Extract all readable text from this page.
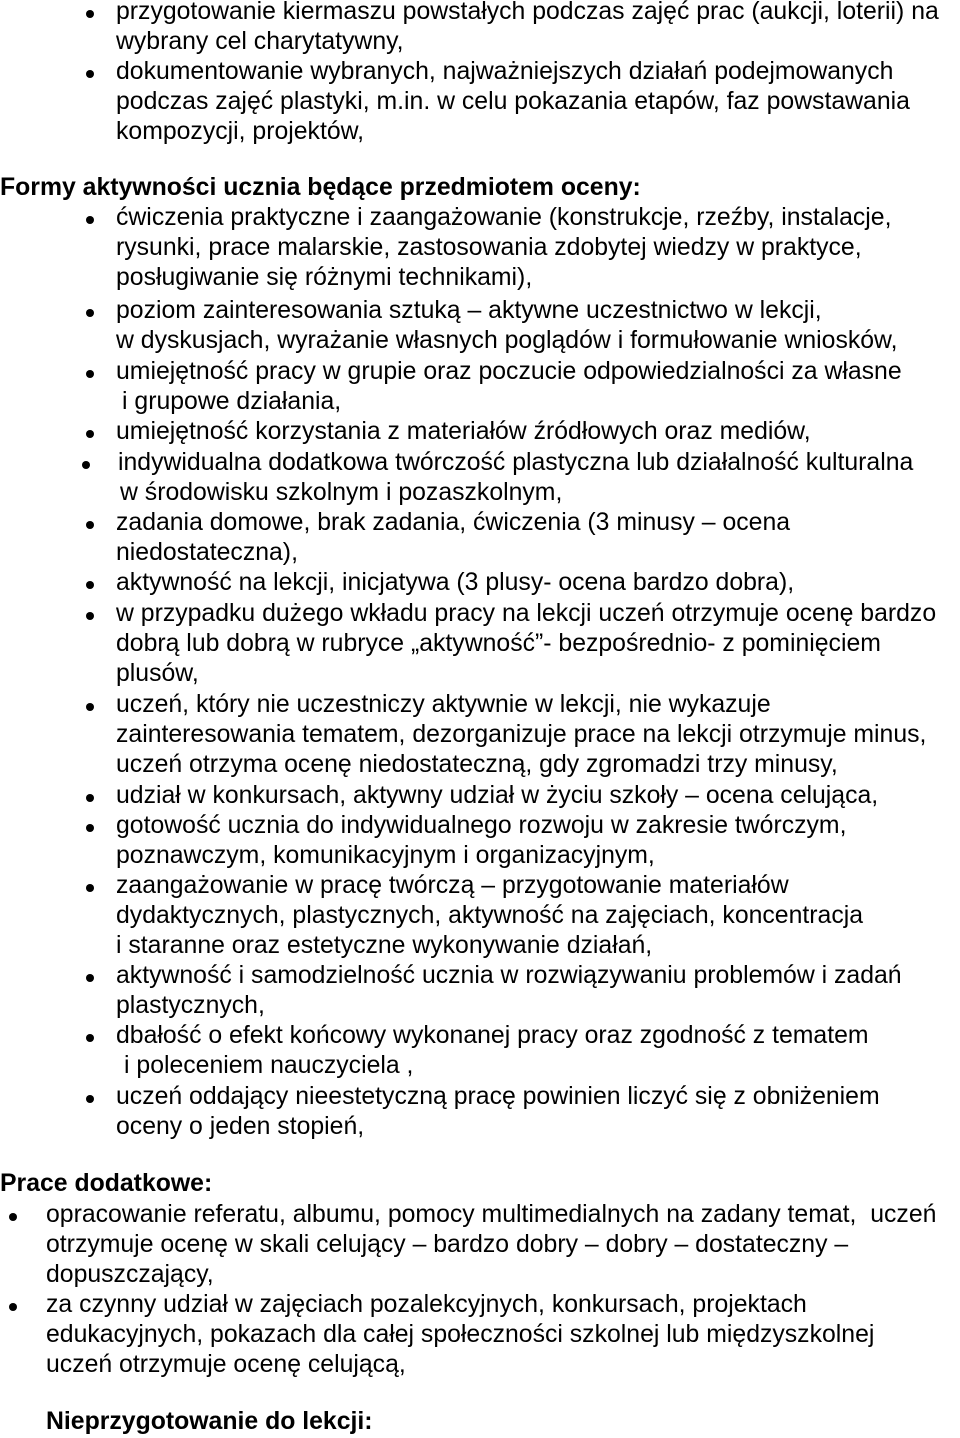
przygotowanie kiermaszu powstałych podczas zajęć prac (aukcji, loterii) na
wybrany cel charytatywny,
dokumentowanie wybranych, najważniejszych działań podejmowanych
podczas zajęć plastyki, m.in. w celu pokazania etapów, faz powstawania
kompozycji, projektów,
Formy aktywności ucznia będące przedmiotem oceny:
ćwiczenia praktyczne i zaangażowanie (konstrukcje, rzeźby, instalacje,
rysunki, prace malarskie, zastosowania zdobytej wiedzy w praktyce,
posługiwanie się różnymi technikami),
poziom zainteresowania sztuką – aktywne uczestnictwo w lekcji,
w dyskusjach, wyrażanie własnych poglądów i formułowanie wniosków,
umiejętność pracy w grupie oraz poczucie odpowiedzialności za własne
i grupowe działania,
umiejętność korzystania z materiałów źródłowych oraz mediów,
indywidualna dodatkowa twórczość plastyczna lub działalność kulturalna
w środowisku szkolnym i pozaszkolnym,
zadania domowe, brak zadania, ćwiczenia (3 minusy – ocena
niedostateczna),
aktywność na lekcji, inicjatywa (3 plusy- ocena bardzo dobra),
w przypadku dużego wkładu pracy na lekcji uczeń otrzymuje ocenę bardzo
dobrą lub dobrą w rubryce „aktywność”- bezpośrednio- z pominięciem
plusów,
uczeń, który nie uczestniczy aktywnie w lekcji, nie wykazuje
zainteresowania tematem, dezorganizuje prace na lekcji otrzymuje minus,
uczeń otrzyma ocenę niedostateczną, gdy zgromadzi trzy minusy,
udział w konkursach, aktywny udział w życiu szkoły – ocena celująca,
gotowość ucznia do indywidualnego rozwoju w zakresie twórczym,
poznawczym, komunikacyjnym i organizacyjnym,
zaangażowanie w pracę twórczą – przygotowanie materiałów
dydaktycznych, plastycznych, aktywność na zajęciach, koncentracja
i staranne oraz estetyczne wykonywanie działań,
aktywność i samodzielność ucznia w rozwiązywaniu problemów i zadań
plastycznych,
dbałość o efekt końcowy wykonanej pracy oraz zgodność z tematem
i poleceniem nauczyciela ,
uczeń oddający nieestetyczną pracę powinien liczyć się z obniżeniem
oceny o jeden stopień,
Prace dodatkowe:
opracowanie referatu, albumu, pomocy multimedialnych na zadany temat,  uczeń
otrzymuje ocenę w skali celujący – bardzo dobry – dobry – dostateczny –
dopuszczający,
za czynny udział w zajęciach pozalekcyjnych, konkursach, projektach
edukacyjnych, pokazach dla całej społeczności szkolnej lub międzyszkolnej
uczeń otrzymuje ocenę celującą,
Nieprzygotowanie do lekcji:
